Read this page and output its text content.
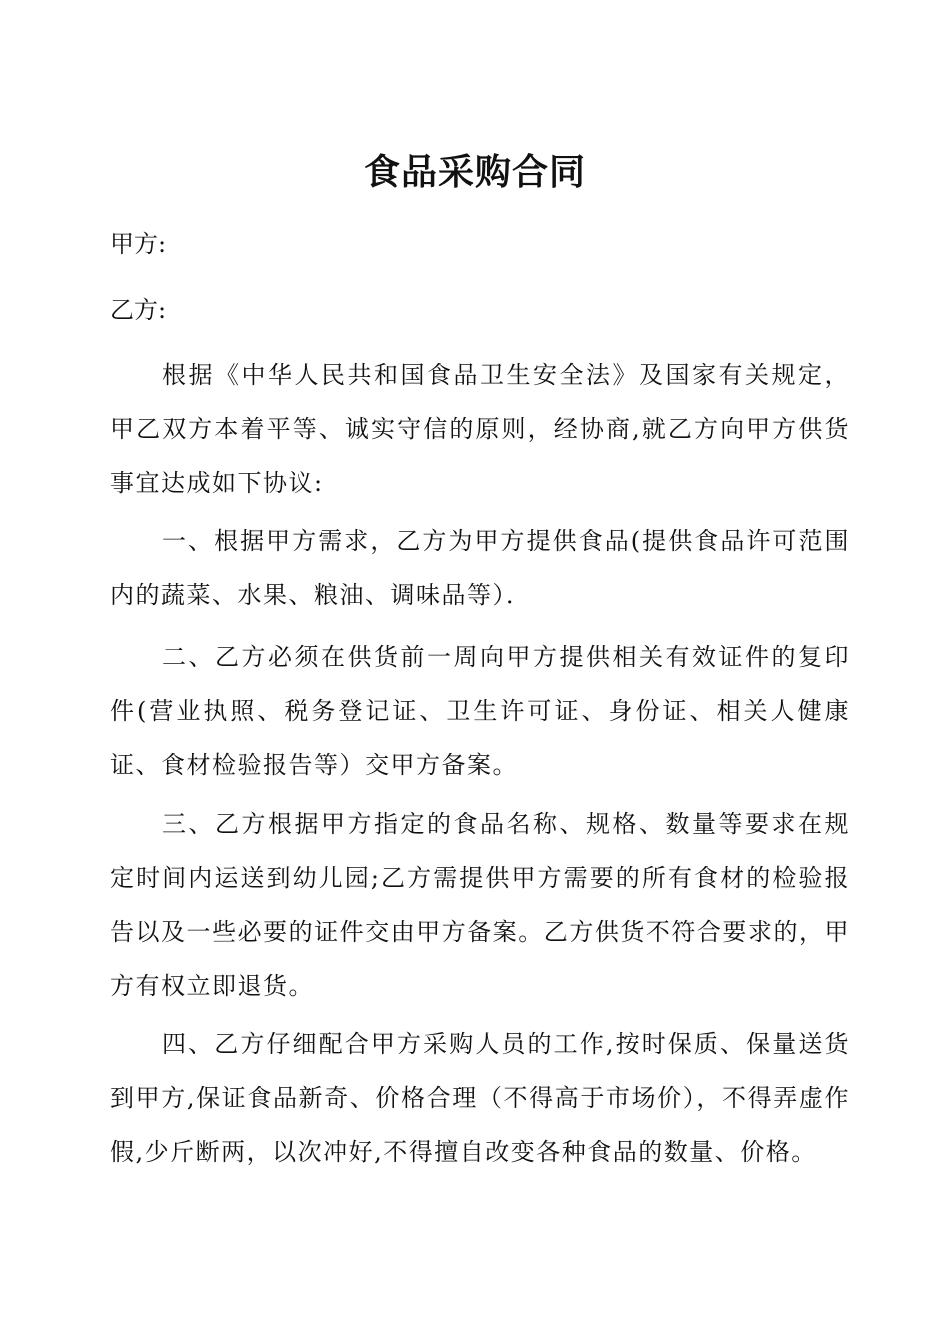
食品采购合同
甲方:
乙方:

根据《中华人民共和国食品卫生安全法》及国家有关规定，甲乙双方本着平等、诚实守信的原则，经协商,就乙方向甲方供货事宜达成如下协议:

一、根据甲方需求，乙方为甲方提供食品(提供食品许可范围内的蔬菜、水果、粮油、调味品等）．

二、乙方必须在供货前一周向甲方提供相关有效证件的复印件(营业执照、税务登记证、卫生许可证、身份证、相关人健康证、食材检验报告等）交甲方备案。

三、乙方根据甲方指定的食品名称、规格、数量等要求在规定时间内运送到幼儿园;乙方需提供甲方需要的所有食材的检验报告以及一些必要的证件交由甲方备案。乙方供货不符合要求的，甲方有权立即退货。

四、乙方仔细配合甲方采购人员的工作,按时保质、保量送货到甲方,保证食品新奇、价格合理（不得高于市场价），不得弄虚作假,少斤断两，以次冲好,不得擅自改变各种食品的数量、价格。
